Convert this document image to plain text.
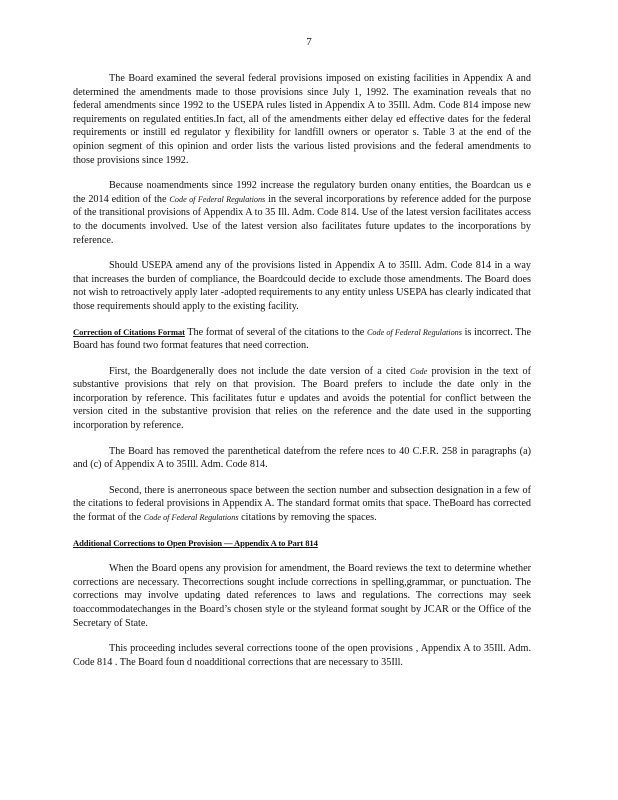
7

The Board examined the several federal provisions imposed on existing facilities in Appendix A and determined the amendments made to those provisions since July 1, 1992. The examination reveals that no federal amendments since 1992 to the USEPA rules listed in Appendix A to 35Ill. Adm. Code 814 impose new requirements on regulated entities.In fact, all of the amendments either delay ed effective dates for the federal requirements or instill ed regulator y flexibility for landfill owners or operator s. Table 3 at the end of the opinion segment of this opinion and order lists the various listed provisions and the federal amendments to those provisions since 1992.

Because noamendments since 1992 increase the regulatory burden onany entities, the Boardcan us e the 2014 edition of the Code of Federal Regulations in the several incorporations by reference added for the purpose of the transitional provisions of Appendix A to 35 Ill. Adm. Code 814. Use of the latest version facilitates access to the documents involved. Use of the latest version also facilitates future updates to the incorporations by reference.

Should USEPA amend any of the provisions listed in Appendix A to 35Ill. Adm. Code 814 in a way that increases the burden of compliance, the Boardcould decide to exclude those amendments. The Board does not wish to retroactively apply later -adopted requirements to any entity unless USEPA has clearly indicated that those requirements should apply to the existing facility.

Correction of Citations Format The format of several of the citations to the Code of Federal Regulations is incorrect. The Board has found two format features that need correction.

First, the Boardgenerally does not include the date version of a cited Code provision in the text of substantive provisions that rely on that provision. The Board prefers to include the date only in the incorporation by reference. This facilitates futur e updates and avoids the potential for conflict between the version cited in the substantive provision that relies on the reference and the date used in the supporting incorporation by reference.

The Board has removed the parenthetical datefrom the refere nces to 40 C.F.R. 258 in paragraphs (a) and (c) of Appendix A to 35Ill. Adm. Code 814.

Second, there is anerroneous space between the section number and subsection designation in a few of the citations to federal provisions in Appendix A. The standard format omits that space. TheBoard has corrected the format of the Code of Federal Regulations citations by removing the spaces.

Additional Corrections to Open Provision — Appendix A to Part 814

When the Board opens any provision for amendment, the Board reviews the text to determine whether corrections are necessary. Thecorrections sought include corrections in spelling,grammar, or punctuation. The corrections may involve updating dated references to laws and regulations. The corrections may seek toaccommodatechanges in the Board’s chosen style or the styleand format sought by JCAR or the Office of the Secretary of State.

This proceeding includes several corrections toone of the open provisions , Appendix A to 35Ill. Adm. Code 814 . The Board foun d noadditional corrections that are necessary to 35Ill.
